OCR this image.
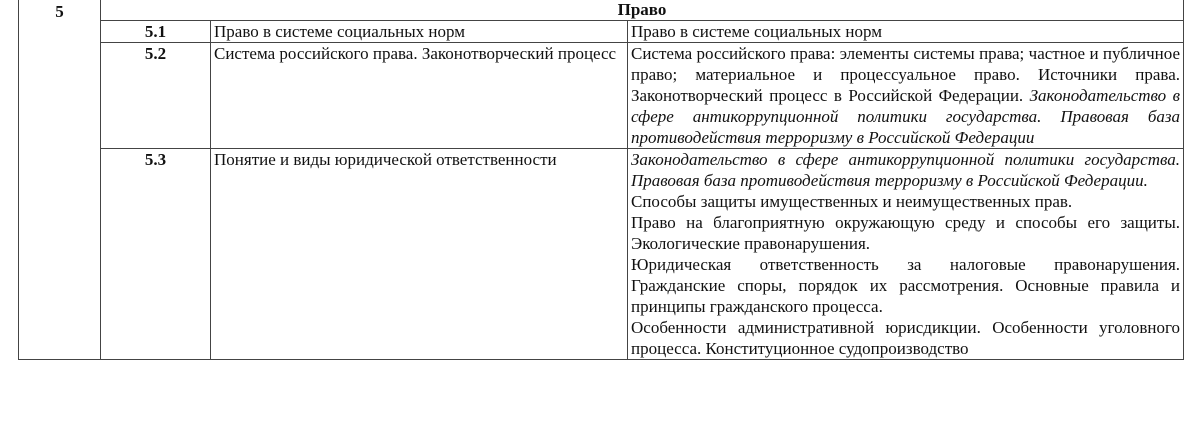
5	Право		
	5.1	Право в системе социальных норм	Право в системе социальных норм

	5.2	Система российского права. Законотворческий процесс	Система российского права: элементы системы права; частное и публичное право; материальное и процессуальное право. Источники права. Законотворческий процесс в Российской Федерации. Законодательство в сфере антикоррупционной политики государства. Правовая база противодействия терроризму в Российской Федерации
	5.3	Понятие и виды юридической ответственности	Законодательство в сфере антикоррупционной политики государства. Правовая база противодействия терроризму в Российской Федерации.
Способы защиты имущественных и неимущественных прав.
Право на благоприятную окружающую среду и способы его защиты. Экологические правонарушения.
Юридическая ответственность за налоговые правонарушения. Гражданские споры, порядок их рассмотрения. Основные правила и принципы гражданского процесса.
Особенности административной юрисдикции. Особенности уголовного процесса. Конституционное судопроизводство
